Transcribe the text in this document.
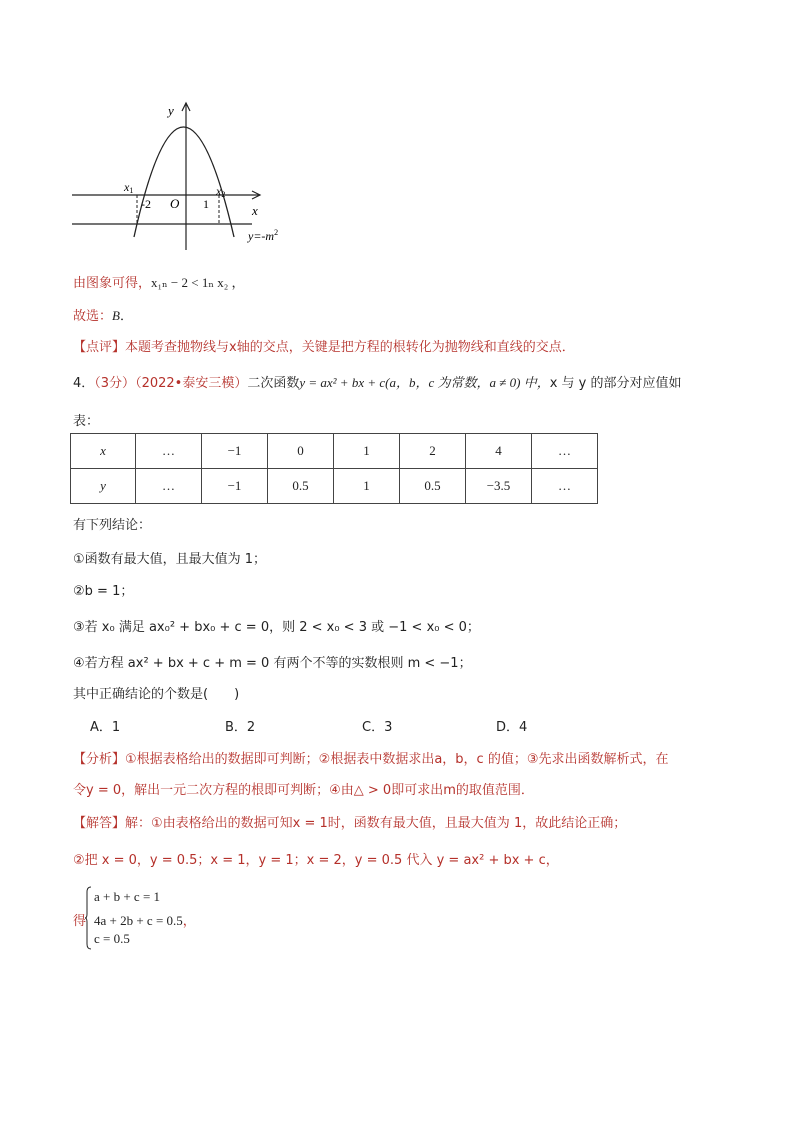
y
x
x1	x2
-2 O 1
$y=-m^2$
由图象可得，x₁ₙ − 2 < 1ₙ x₂ ，
故选：B．
【点评】本题考查抛物线与x轴的交点，关键是把方程的根转化为抛物线和直线的交点．
4．（3分）（2022•泰安三模）二次函数y = ax² + bx + c(a，b，c 为常数，a ≠ 0) 中，x 与 y 的部分对应值如
表：
x	…	−1	0	1	2	4	…
y	…	−1	0.5	1	0.5	−3.5	…
有下列结论：
①函数有最大值，且最大值为 1；
②b = 1；
③若 x₀ 满足 ax₀² + bx₀ + c = 0，则 2 < x₀ < 3 或 −1 < x₀ < 0；
④若方程 ax² + bx + c + m = 0 有两个不等的实数根则 m < −1；
其中正确结论的个数是(　　)
A．1	B．2	C．3	D．4
【分析】①根据表格给出的数据即可判断；②根据表中数据求出a，b，c 的值；③先求出函数解析式，在
令y = 0，解出一元二次方程的根即可判断；④由△ > 0即可求出m的取值范围．
【解答】解：①由表格给出的数据可知x = 1时，函数有最大值，且最大值为 1，故此结论正确；
②把 x = 0，y = 0.5；x = 1，y = 1；x = 2，y = 0.5 代入 y = ax² + bx + c，
得
a + b + c = 1
4a + 2b + c = 0.5，
c = 0.5
